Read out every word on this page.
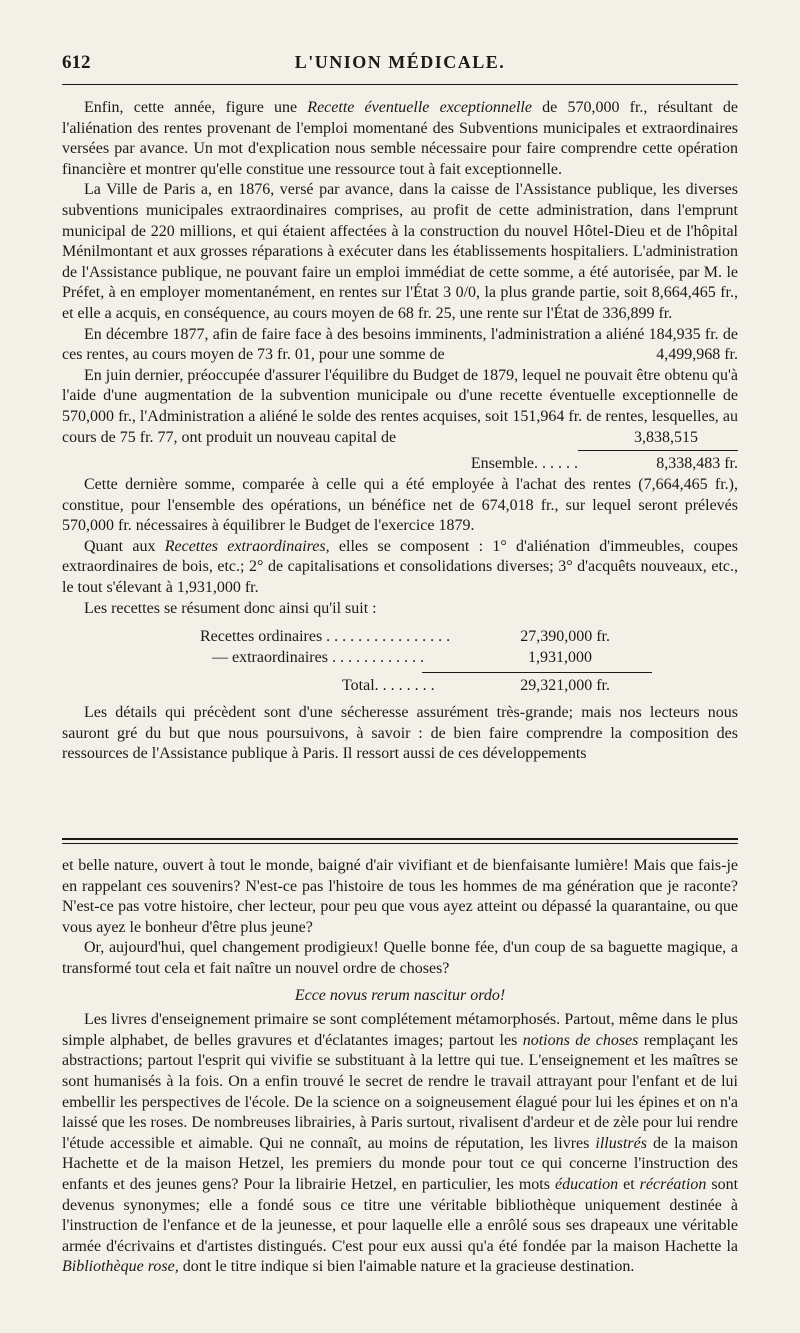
612	L'UNION MÉDICALE.

Enfin, cette année, figure une Recette éventuelle exceptionnelle de 570,000 fr., résultant de l'aliénation des rentes provenant de l'emploi momentané des Subventions municipales et extraordinaires versées par avance. Un mot d'explication nous semble nécessaire pour faire comprendre cette opération financière et montrer qu'elle constitue une ressource tout à fait exceptionnelle.

La Ville de Paris a, en 1876, versé par avance, dans la caisse de l'Assistance publique, les diverses subventions municipales extraordinaires comprises, au profit de cette administration, dans l'emprunt municipal de 220 millions, et qui étaient affectées à la construction du nouvel Hôtel-Dieu et de l'hôpital Ménilmontant et aux grosses réparations à exécuter dans les établissements hospitaliers. L'administration de l'Assistance publique, ne pouvant faire un emploi immédiat de cette somme, a été autorisée, par M. le Préfet, à en employer momentanément, en rentes sur l'État 3 0/0, la plus grande partie, soit 8,664,465 fr., et elle a acquis, en conséquence, au cours moyen de 68 fr. 25, une rente sur l'État de 336,899 fr.

En décembre 1877, afin de faire face à des besoins imminents, l'administration a aliéné 184,935 fr. de ces rentes, au cours moyen de 73 fr. 01, pour une somme de	4,499,968 fr.

En juin dernier, préoccupée d'assurer l'équilibre du Budget de 1879, lequel ne pouvait être obtenu qu'à l'aide d'une augmentation de la subvention municipale ou d'une recette éventuelle exceptionnelle de 570,000 fr., l'Administration a aliéné le solde des rentes acquises, soit 151,964 fr. de rentes, lesquelles, au cours de 75 fr. 77, ont produit un nouveau capital de	3,838,515

Ensemble. . . . . .	8,338,483 fr.

Cette dernière somme, comparée à celle qui a été employée à l'achat des rentes (7,664,465 fr.), constitue, pour l'ensemble des opérations, un bénéfice net de 674,018 fr., sur lequel seront prélevés 570,000 fr. nécessaires à équilibrer le Budget de l'exercice 1879.

Quant aux Recettes extraordinaires, elles se composent : 1° d'aliénation d'immeubles, coupes extraordinaires de bois, etc.; 2° de capitalisations et consolidations diverses; 3° d'acquêts nouveaux, etc., le tout s'élevant à 1,931,000 fr.

Les recettes se résument donc ainsi qu'il suit :

Recettes ordinaires . . . . . . . . . . . . . . . .	27,390,000 fr.
— extraordinaires . . . . . . . . . . . .	1,931,000
Total. . . . . . . .	29,321,000 fr.

Les détails qui précèdent sont d'une sécheresse assurément très-grande; mais nos lecteurs nous sauront gré du but que nous poursuivons, à savoir : de bien faire comprendre la composition des ressources de l'Assistance publique à Paris. Il ressort aussi de ces développements

et belle nature, ouvert à tout le monde, baigné d'air vivifiant et de bienfaisante lumière! Mais que fais-je en rappelant ces souvenirs? N'est-ce pas l'histoire de tous les hommes de ma génération que je raconte? N'est-ce pas votre histoire, cher lecteur, pour peu que vous ayez atteint ou dépassé la quarantaine, ou que vous ayez le bonheur d'être plus jeune?

Or, aujourd'hui, quel changement prodigieux! Quelle bonne fée, d'un coup de sa baguette magique, a transformé tout cela et fait naître un nouvel ordre de choses?

Ecce novus rerum nascitur ordo!

Les livres d'enseignement primaire se sont complétement métamorphosés. Partout, même dans le plus simple alphabet, de belles gravures et d'éclatantes images; partout les notions de choses remplaçant les abstractions; partout l'esprit qui vivifie se substituant à la lettre qui tue. L'enseignement et les maîtres se sont humanisés à la fois. On a enfin trouvé le secret de rendre le travail attrayant pour l'enfant et de lui embellir les perspectives de l'école. De la science on a soigneusement élagué pour lui les épines et on n'a laissé que les roses. De nombreuses librairies, à Paris surtout, rivalisent d'ardeur et de zèle pour lui rendre l'étude accessible et aimable. Qui ne connaît, au moins de réputation, les livres illustrés de la maison Hachette et de la maison Hetzel, les premiers du monde pour tout ce qui concerne l'instruction des enfants et des jeunes gens? Pour la librairie Hetzel, en particulier, les mots éducation et récréation sont devenus synonymes; elle a fondé sous ce titre une véritable bibliothèque uniquement destinée à l'instruction de l'enfance et de la jeunesse, et pour laquelle elle a enrôlé sous ses drapeaux une véritable armée d'écrivains et d'artistes distingués. C'est pour eux aussi qu'a été fondée par la maison Hachette la Bibliothèque rose, dont le titre indique si bien l'aimable nature et la gracieuse destination.
